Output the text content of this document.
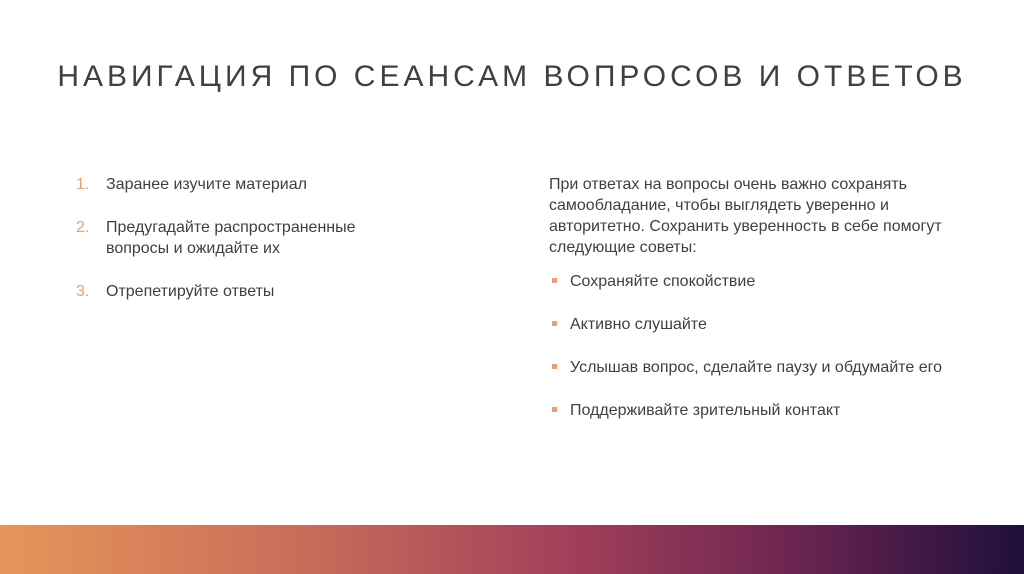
НАВИГАЦИЯ ПО СЕАНСАМ ВОПРОСОВ И ОТВЕТОВ
1.	Заранее изучите материал
2.	Предугадайте распространенные вопросы и ожидайте их
3.	Отрепетируйте ответы

При ответах на вопросы очень важно сохранять самообладание, чтобы выглядеть уверенно и авторитетно. Сохранить уверенность в себе помогут следующие советы:

Сохраняйте спокойствие
Активно слушайте
Услышав вопрос, сделайте паузу и обдумайте его
Поддерживайте зрительный контакт
